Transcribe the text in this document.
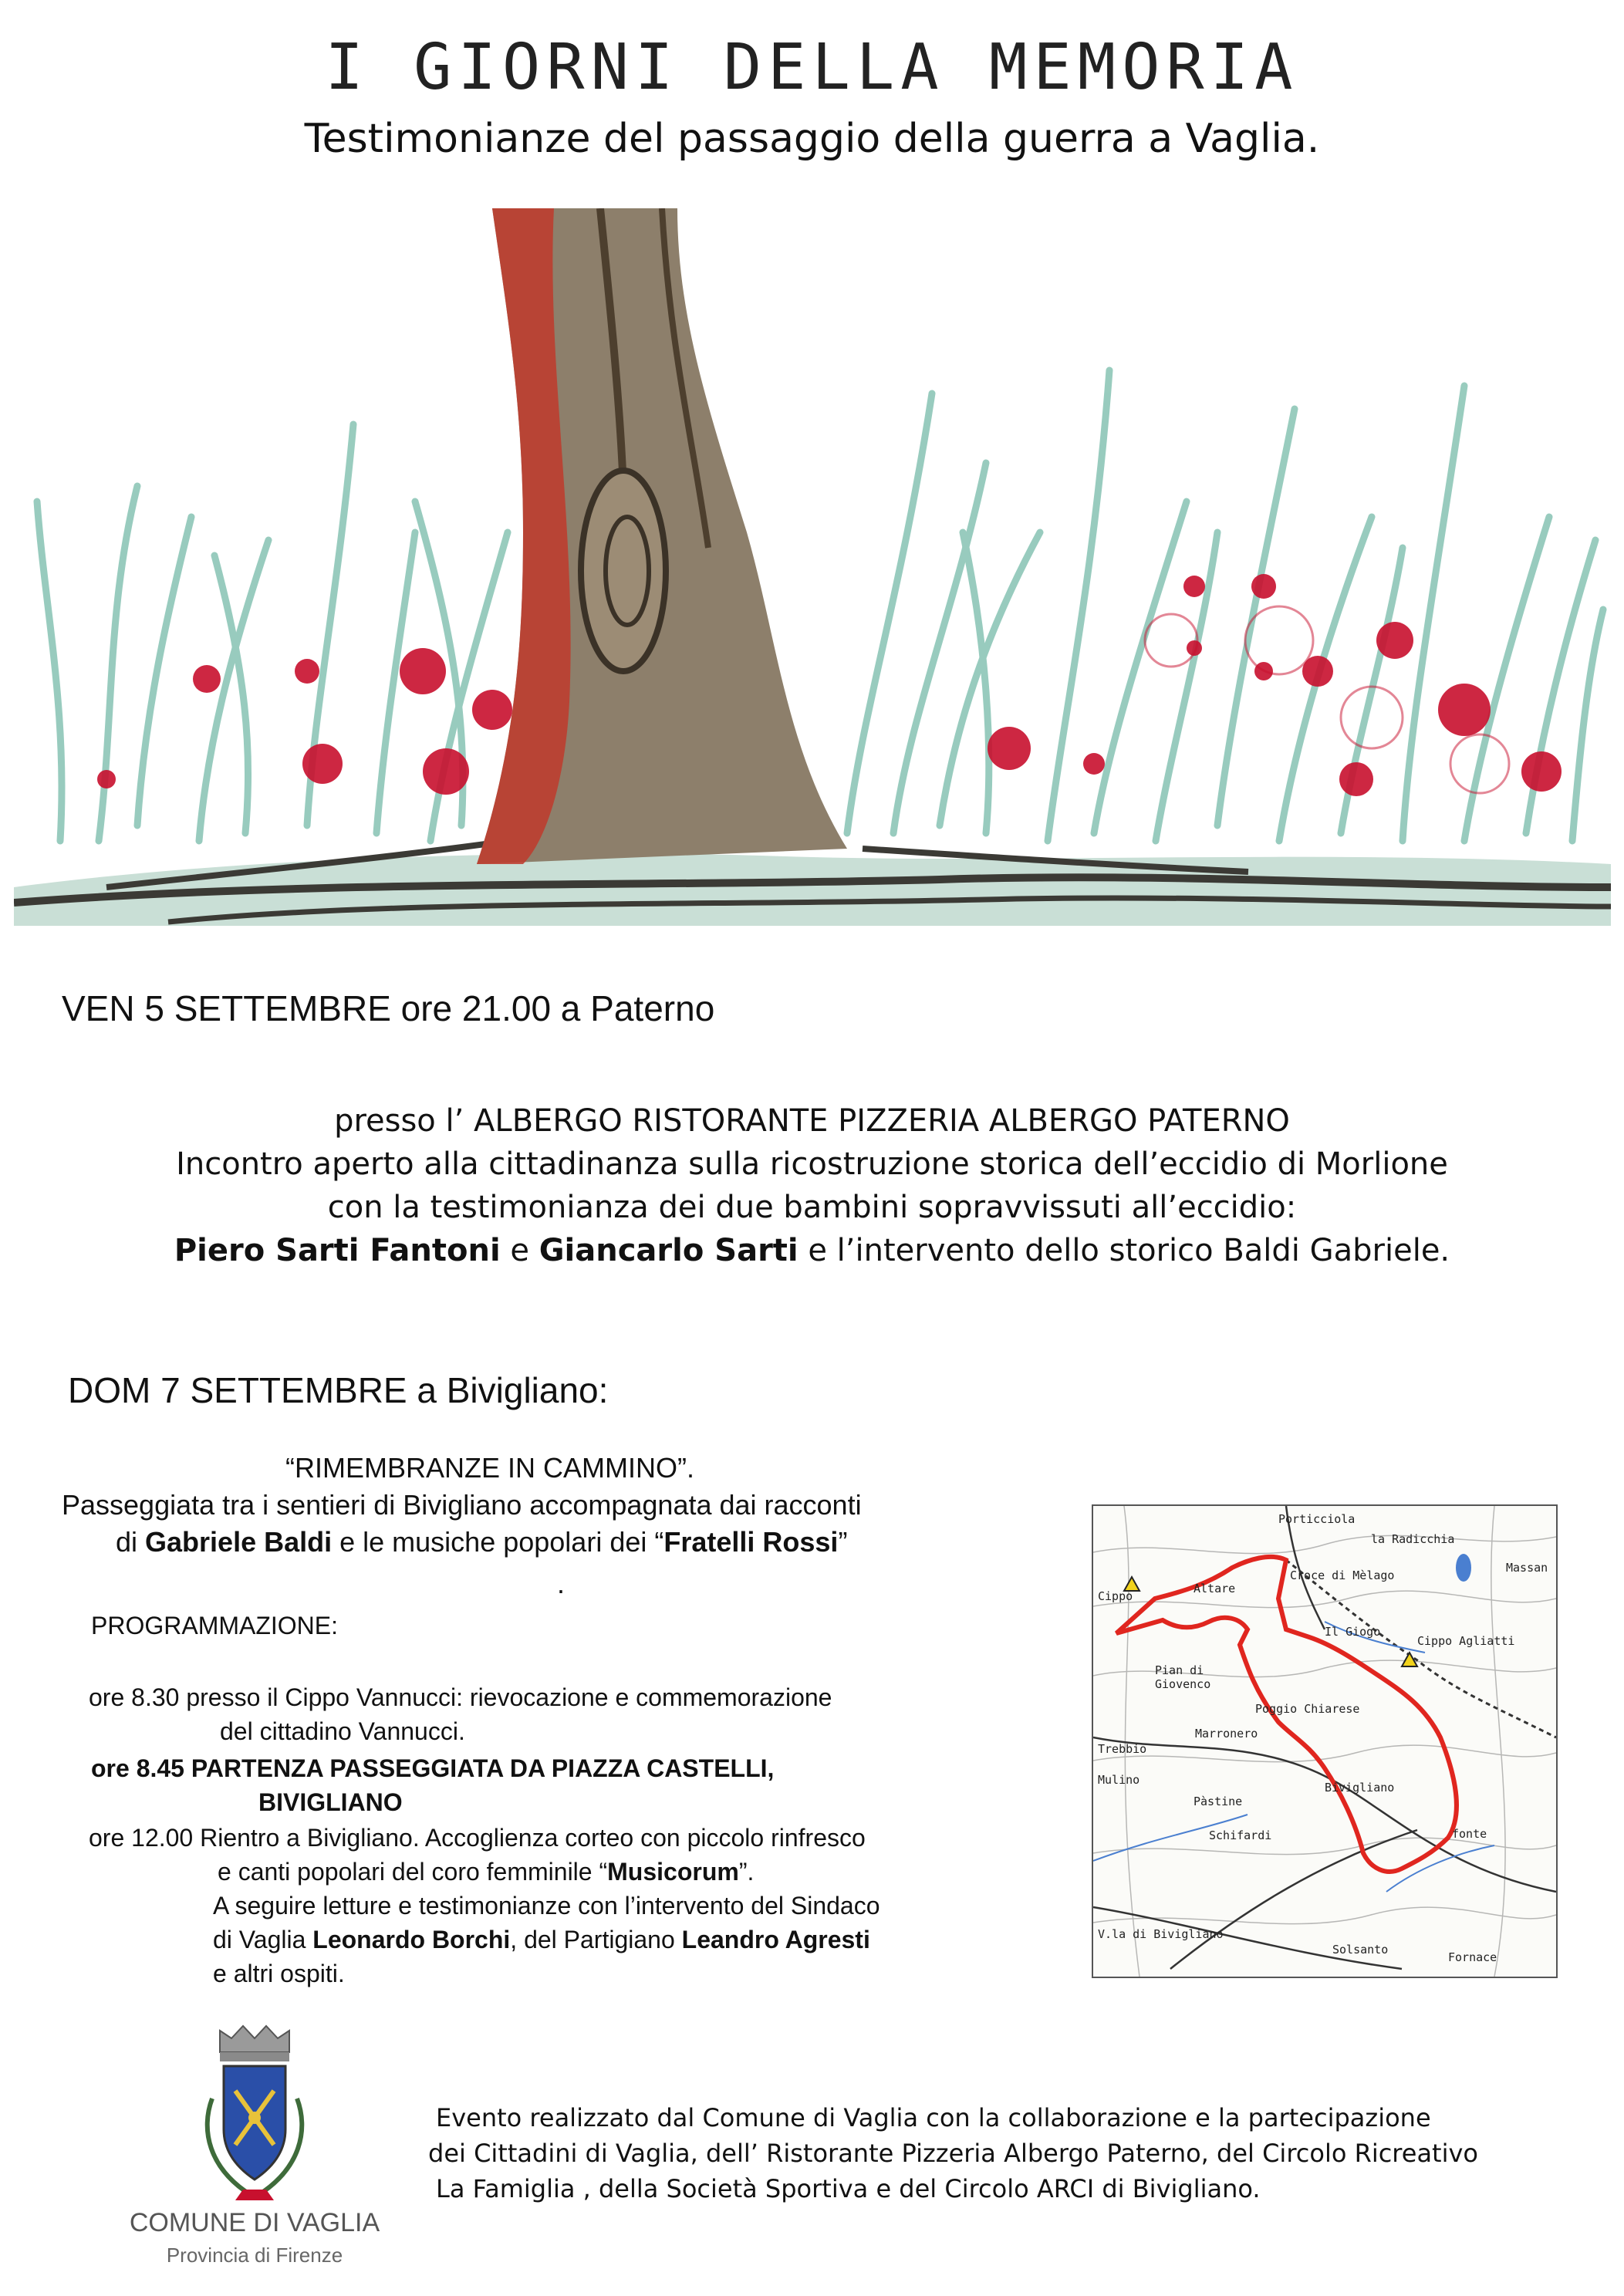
I GIORNI DELLA MEMORIA
Testimonianze del passaggio della guerra a Vaglia.
VEN 5 SETTEMBRE ore 21.00 a Paterno
presso l’ ALBERGO RISTORANTE PIZZERIA ALBERGO PATERNO
Incontro aperto alla cittadinanza sulla ricostruzione storica dell’eccidio di Morlione
con la testimonianza dei due bambini sopravvissuti all’eccidio:
Piero Sarti Fantoni e Giancarlo Sarti e l’intervento dello storico Baldi Gabriele.
DOM 7 SETTEMBRE a Bivigliano:
“RIMEMBRANZE IN CAMMINO”.
Passeggiata tra i sentieri di Bivigliano accompagnata dai racconti
di Gabriele Baldi e le musiche popolari dei “Fratelli Rossi”
.
PROGRAMMAZIONE:
ore 8.30 presso il Cippo Vannucci: rievocazione e commemorazione
del cittadino Vannucci.
ore 8.45 PARTENZA PASSEGGIATA DA PIAZZA CASTELLI,
BIVIGLIANO
ore 12.00 Rientro a Bivigliano. Accoglienza corteo con piccolo rinfresco
e canti popolari del coro femminile “Musicorum”.
A seguire letture e testimonianze con l’intervento del Sindaco
di Vaglia Leonardo Borchi, del Partigiano Leandro Agresti
e altri ospiti.
Porticciola
la Radicchia
Massan
Croce di Mèlago
Altare
Cippo
Il Giogo
Cippo Agliatti
Pian di
Giovenco
Marronero
Poggio Chiarese
Trebbio
Mulino
Bivigliano
Pàstine
Schifardi
V.la di Bivigliano
Solsanto
Fornace
fonte
COMUNE DI VAGLIA
Provincia di Firenze
Evento realizzato dal Comune di Vaglia con la collaborazione e la partecipazione
dei Cittadini di Vaglia, dell’ Ristorante Pizzeria Albergo Paterno, del Circolo Ricreativo
La Famiglia , della Società Sportiva e del Circolo ARCI di Bivigliano.
